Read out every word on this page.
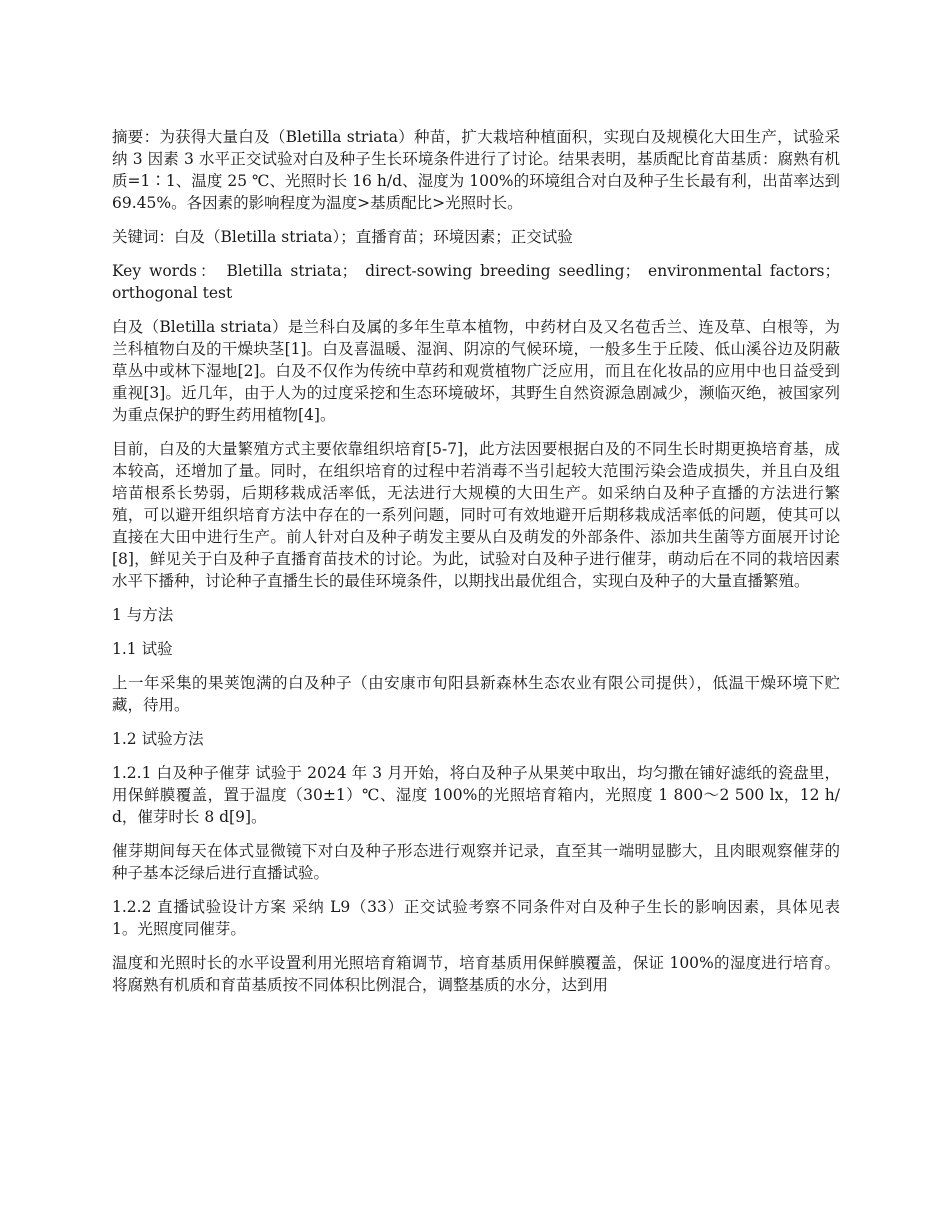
摘要：为获得大量白及（Bletilla striata）种苗，扩大栽培种植面积，实现白及规模化大田生产，试验采纳 3 因素 3 水平正交试验对白及种子生长环境条件进行了讨论。结果表明，基质配比育苗基质：腐熟有机质=1∶1、温度 25 ℃、光照时长 16 h/d、湿度为 100%的环境组合对白及种子生长最有利，出苗率达到 69.45%。各因素的影响程度为温度>基质配比>光照时长。

关键词：白及（Bletilla striata）；直播育苗；环境因素；正交试验

Key words： Bletilla striata； direct-sowing breeding seedling； environmental factors； orthogonal test

白及（Bletilla striata）是兰科白及属的多年生草本植物，中药材白及又名苞舌兰、连及草、白根等，为兰科植物白及的干燥块茎[1]。白及喜温暖、湿润、阴凉的气候环境，一般多生于丘陵、低山溪谷边及阴蔽草丛中或林下湿地[2]。白及不仅作为传统中草药和观赏植物广泛应用，而且在化妆品的应用中也日益受到重视[3]。近几年，由于人为的过度采挖和生态环境破坏，其野生自然资源急剧减少，濒临灭绝，被国家列为重点保护的野生药用植物[4]。

目前，白及的大量繁殖方式主要依靠组织培育[5-7]，此方法因要根据白及的不同生长时期更换培育基，成本较高，还增加了量。同时，在组织培育的过程中若消毒不当引起较大范围污染会造成损失，并且白及组培苗根系长势弱，后期移栽成活率低，无法进行大规模的大田生产。如采纳白及种子直播的方法进行繁殖，可以避开组织培育方法中存在的一系列问题，同时可有效地避开后期移栽成活率低的问题，使其可以直接在大田中进行生产。前人针对白及种子萌发主要从白及萌发的外部条件、添加共生菌等方面展开讨论[8]，鲜见关于白及种子直播育苗技术的讨论。为此，试验对白及种子进行催芽，萌动后在不同的栽培因素水平下播种，讨论种子直播生长的最佳环境条件，以期找出最优组合，实现白及种子的大量直播繁殖。

1 与方法

1.1 试验

上一年采集的果荚饱满的白及种子（由安康市旬阳县新森林生态农业有限公司提供），低温干燥环境下贮藏，待用。

1.2 试验方法

1.2.1 白及种子催芽 试验于 2024 年 3 月开始，将白及种子从果荚中取出，均匀撒在铺好滤纸的瓷盘里，用保鲜膜覆盖，置于温度（30±1）℃、湿度 100%的光照培育箱内，光照度 1 800～2 500 lx，12 h/d，催芽时长 8 d[9]。

催芽期间每天在体式显微镜下对白及种子形态进行观察并记录，直至其一端明显膨大，且肉眼观察催芽的种子基本泛绿后进行直播试验。

1.2.2 直播试验设计方案 采纳 L9（33）正交试验考察不同条件对白及种子生长的影响因素，具体见表 1。光照度同催芽。

温度和光照时长的水平设置利用光照培育箱调节，培育基质用保鲜膜覆盖，保证 100%的湿度进行培育。将腐熟有机质和育苗基质按不同体积比例混合，调整基质的水分，达到用
